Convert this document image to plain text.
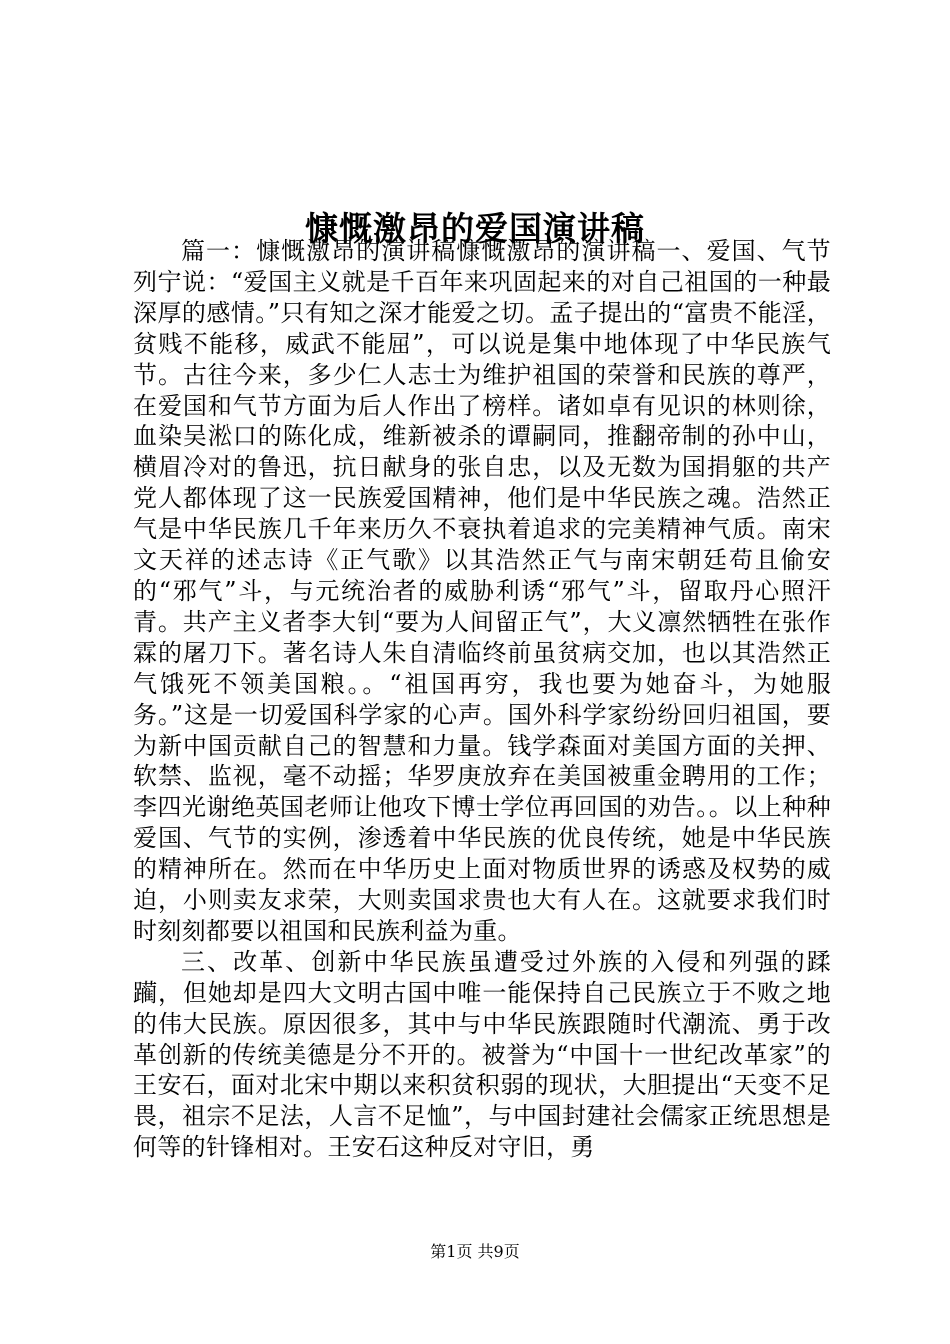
慷慨激昂的爱国演讲稿

篇一：慷慨激昂的演讲稿慷慨激昂的演讲稿一、爱国、气节列宁说：“爱国主义就是千百年来巩固起来的对自己祖国的一种最深厚的感情。”只有知之深才能爱之切。孟子提出的“富贵不能淫，贫贱不能移，威武不能屈”，可以说是集中地体现了中华民族气节。古往今来，多少仁人志士为维护祖国的荣誉和民族的尊严，在爱国和气节方面为后人作出了榜样。诸如卓有见识的林则徐，血染吴淞口的陈化成，维新被杀的谭嗣同，推翻帝制的孙中山，横眉冷对的鲁迅，抗日献身的张自忠，以及无数为国捐躯的共产党人都体现了这一民族爱国精神，他们是中华民族之魂。浩然正气是中华民族几千年来历久不衰执着追求的完美精神气质。南宋文天祥的述志诗《正气歌》以其浩然正气与南宋朝廷苟且偷安的“邪气”斗，与元统治者的威胁利诱“邪气”斗，留取丹心照汗青。共产主义者李大钊“要为人间留正气”，大义凛然牺牲在张作霖的屠刀下。著名诗人朱自清临终前虽贫病交加，也以其浩然正气饿死不领美国粮。。“祖国再穷，我也要为她奋斗，为她服务。”这是一切爱国科学家的心声。国外科学家纷纷回归祖国，要为新中国贡献自己的智慧和力量。钱学森面对美国方面的关押、软禁、监视，毫不动摇；华罗庚放弃在美国被重金聘用的工作；李四光谢绝英国老师让他攻下博士学位再回国的劝告。。以上种种爱国、气节的实例，渗透着中华民族的优良传统，她是中华民族的精神所在。然而在中华历史上面对物质世界的诱惑及权势的威迫，小则卖友求荣，大则卖国求贵也大有人在。这就要求我们时时刻刻都要以祖国和民族利益为重。

三、改革、创新中华民族虽遭受过外族的入侵和列强的蹂躏，但她却是四大文明古国中唯一能保持自己民族立于不败之地的伟大民族。原因很多，其中与中华民族跟随时代潮流、勇于改革创新的传统美德是分不开的。被誉为“中国十一世纪改革家”的王安石，面对北宋中期以来积贫积弱的现状，大胆提出“天变不足畏，祖宗不足法，人言不足恤”，与中国封建社会儒家正统思想是何等的针锋相对。王安石这种反对守旧，勇

第1页 共9页
